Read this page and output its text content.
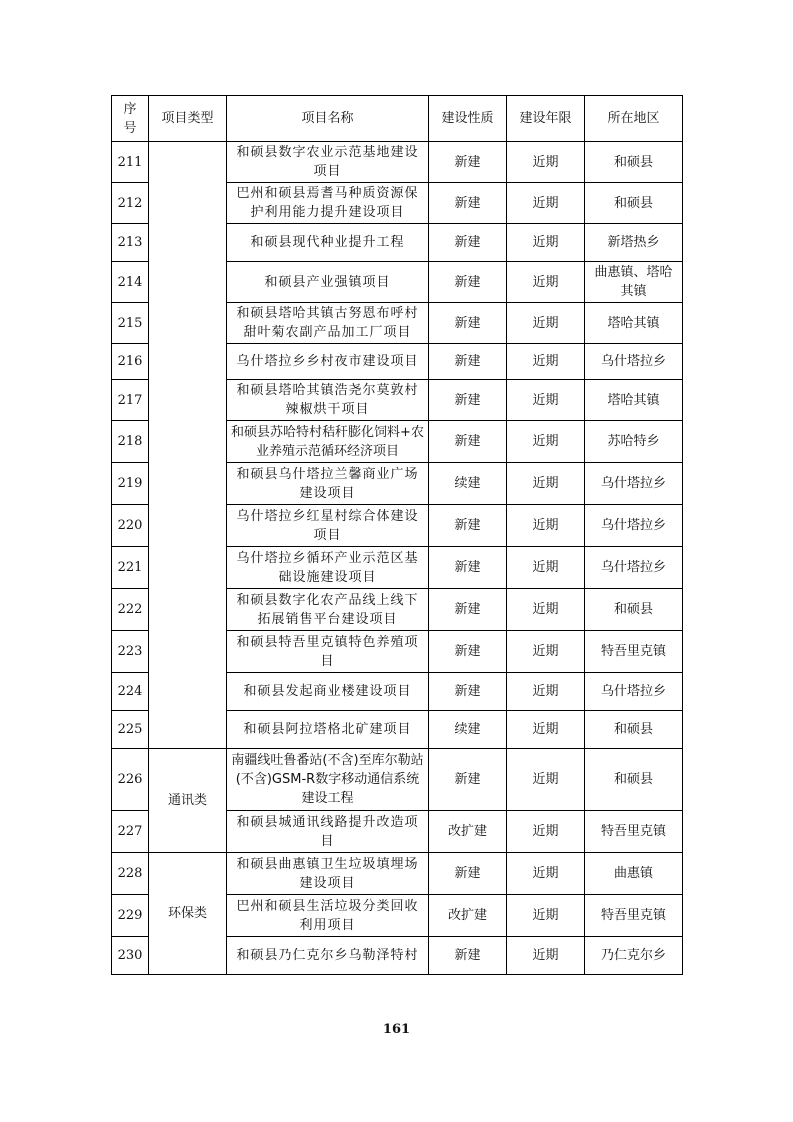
序
号	项目类型	项目名称	建设性质	建设年限	所在地区
211		和硕县数字农业示范基地建设项目	新建	近期	和硕县
212		巴州和硕县焉耆马种质资源保护利用能力提升建设项目	新建	近期	和硕县
213		和硕县现代种业提升工程	新建	近期	新塔热乡
214		和硕县产业强镇项目	新建	近期	曲惠镇、塔哈其镇
215		和硕县塔哈其镇古努恩布呼村甜叶菊农副产品加工厂项目	新建	近期	塔哈其镇
216		乌什塔拉乡乡村夜市建设项目	新建	近期	乌什塔拉乡
217		和硕县塔哈其镇浩尧尔莫敦村辣椒烘干项目	新建	近期	塔哈其镇
218		和硕县苏哈特村秸秆膨化饲料+农业养殖示范循环经济项目	新建	近期	苏哈特乡
219		和硕县乌什塔拉兰馨商业广场建设项目	续建	近期	乌什塔拉乡
220		乌什塔拉乡红星村综合体建设项目	新建	近期	乌什塔拉乡
221		乌什塔拉乡循环产业示范区基础设施建设项目	新建	近期	乌什塔拉乡
222		和硕县数字化农产品线上线下拓展销售平台建设项目	新建	近期	和硕县
223		和硕县特吾里克镇特色养殖项目	新建	近期	特吾里克镇
224		和硕县发起商业楼建设项目	新建	近期	乌什塔拉乡
225		和硕县阿拉塔格北矿建项目	续建	近期	和硕县
226	通讯类	南疆线吐鲁番站(不含)至库尔勒站(不含)GSM-R数字移动通信系统建设工程	新建	近期	和硕县
227		和硕县城通讯线路提升改造项目	改扩建	近期	特吾里克镇
228	环保类	和硕县曲惠镇卫生垃圾填埋场建设项目	新建	近期	曲惠镇
229		巴州和硕县生活垃圾分类回收利用项目	改扩建	近期	特吾里克镇
230		和硕县乃仁克尔乡乌勒泽特村	新建	近期	乃仁克尔乡
161
